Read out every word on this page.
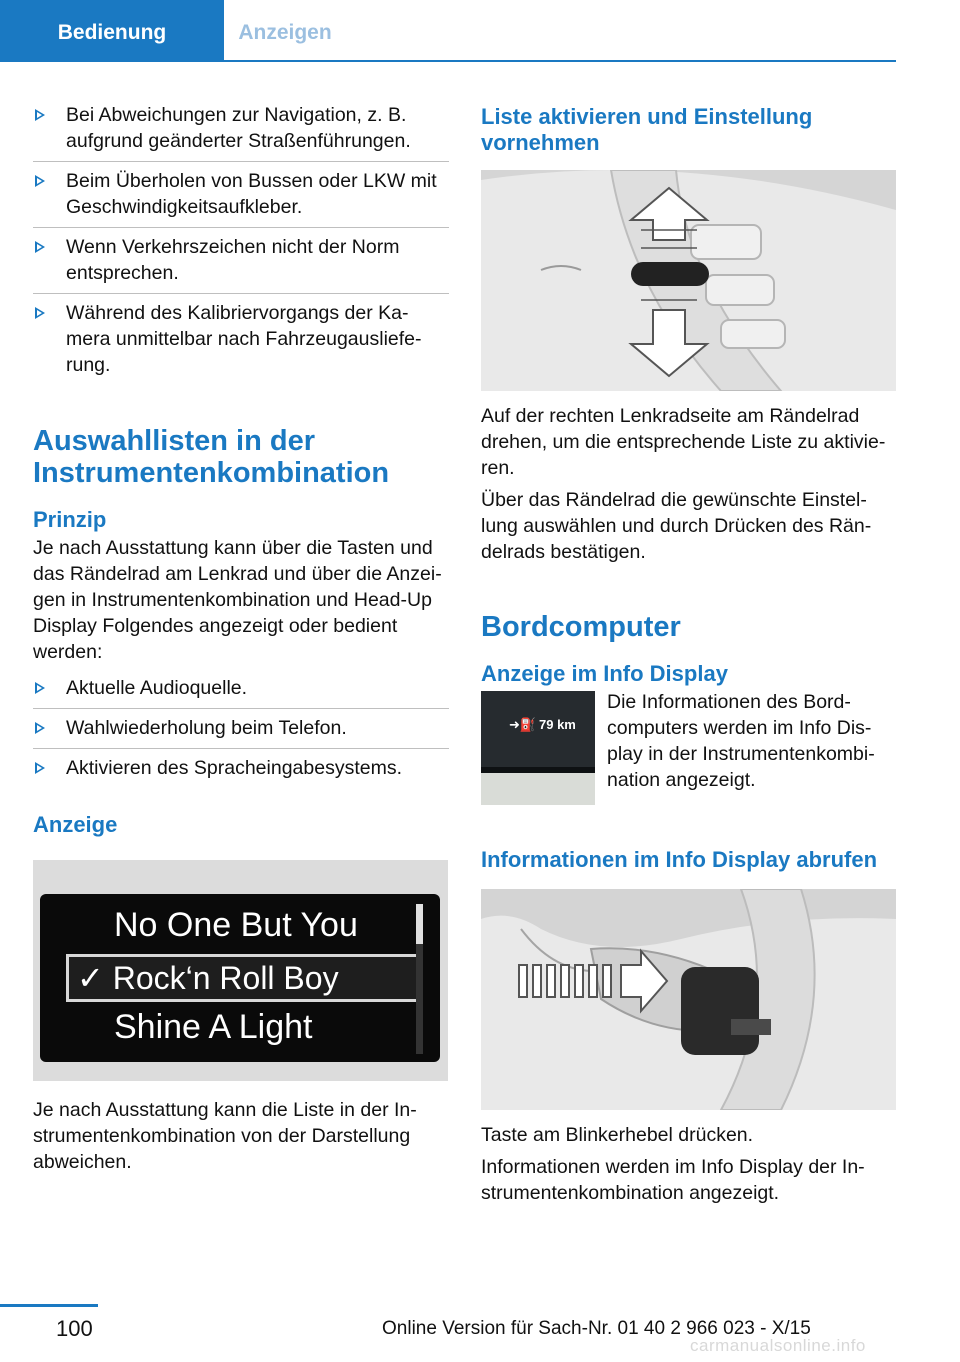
Bedienung	Anzeigen
Bei Abweichungen zur Navigation, z. B. aufgrund geänderter Straßenführungen.
Beim Überholen von Bussen oder LKW mit Geschwindigkeitsaufkleber.
Wenn Verkehrszeichen nicht der Norm entsprechen.
Während des Kalibriervorgangs der Ka-mera unmittelbar nach Fahrzeugausliefe-rung.
Auswahllisten in der Instrumentenkombination
Prinzip

Je nach Ausstattung kann über die Tasten und das Rändelrad am Lenkrad und über die Anzei-gen in Instrumentenkombination und Head-Up Display Folgendes angezeigt oder bedient werden:

Aktuelle Audioquelle.
Wahlwiederholung beim Telefon.
Aktivieren des Spracheingabesystems.
Anzeige
No One But You
✓ Rock‘n Roll Boy
Shine A Light

Je nach Ausstattung kann die Liste in der In-strumentenkombination von der Darstellung abweichen.

Liste aktivieren und Einstellung vornehmen

Auf der rechten Lenkradseite am Rändelrad drehen, um die entsprechende Liste zu aktivie-ren.

Über das Rändelrad die gewünschte Einstel-lung auswählen und durch Drücken des Rän-delrads bestätigen.

Bordcomputer
Anzeige im Info Display
➜⛽ 79 km

Die Informationen des Bord-computers werden im Info Dis-play in der Instrumentenkombi-nation angezeigt.

Informationen im Info Display abrufen

Taste am Blinkerhebel drücken.

Informationen werden im Info Display der In-strumentenkombination angezeigt.

100	Online Version für Sach-Nr. 01 40 2 966 023 - X/15
carmanualsonline.info
